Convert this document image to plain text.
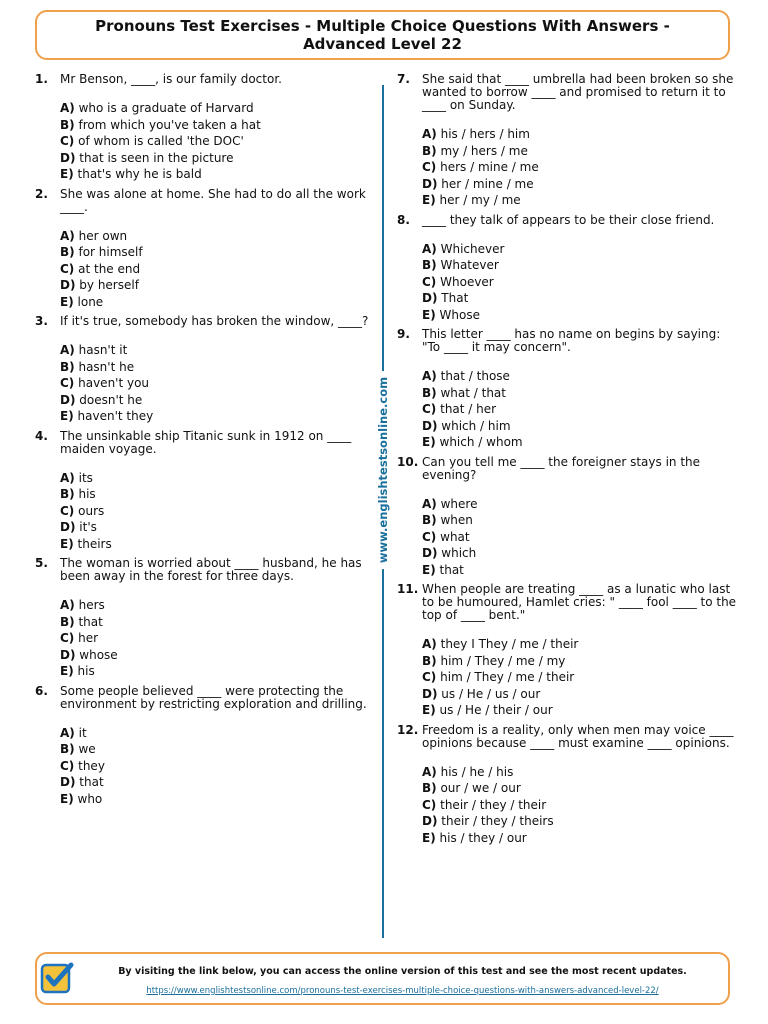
Pronouns Test Exercises - Multiple Choice Questions With Answers - Advanced Level 22
1.	Mr Benson, ____, is our family doctor.
A) who is a graduate of Harvard
B) from which you've taken a hat
C) of whom is called 'the DOC'
D) that is seen in the picture
E) that's why he is bald
2.	She was alone at home. She had to do all the work ____.
A) her own
B) for himself
C) at the end
D) by herself
E) lone
3.	If it's true, somebody has broken the window, ____?
A) hasn't it
B) hasn't he
C) haven't you
D) doesn't he
E) haven't they
4.	The unsinkable ship Titanic sunk in 1912 on ____ maiden voyage.
A) its
B) his
C) ours
D) it's
E) theirs
5.	The woman is worried about ____ husband, he has been away in the forest for three days.
A) hers
B) that
C) her
D) whose
E) his
6.	Some people believed ____ were protecting the environment by restricting exploration and drilling.
A) it
B) we
C) they
D) that
E) who
www.englishtestsonline.com
7.	She said that ____ umbrella had been broken so she wanted to borrow ____ and promised to return it to ____ on Sunday.
A) his / hers / him
B) my / hers / me
C) hers / mine / me
D) her / mine / me
E) her / my / me
8.	____ they talk of appears to be their close friend.
A) Whichever
B) Whatever
C) Whoever
D) That
E) Whose
9.	This letter ____ has no name on begins by saying: "To ____ it may concern".
A) that / those
B) what / that
C) that / her
D) which / him
E) which / whom
10. Can you tell me ____ the foreigner stays in the evening?
A) where
B) when
C) what
D) which
E) that
11. When people are treating ____ as a lunatic who last to be humoured, Hamlet cries: " ____ fool ____ to the top of ____ bent."
A) they I They / me / their
B) him / They / me / my
C) him / They / me / their
D) us / He / us / our
E) us / He / their / our
12. Freedom is a reality, only when men may voice ____ opinions because ____ must examine ____ opinions.
A) his / he / his
B) our / we / our
C) their / they / their
D) their / they / theirs
E) his / they / our
By visiting the link below, you can access the online version of this test and see the most recent updates.
https://www.englishtestsonline.com/pronouns-test-exercises-multiple-choice-questions-with-answers-advanced-level-22/
